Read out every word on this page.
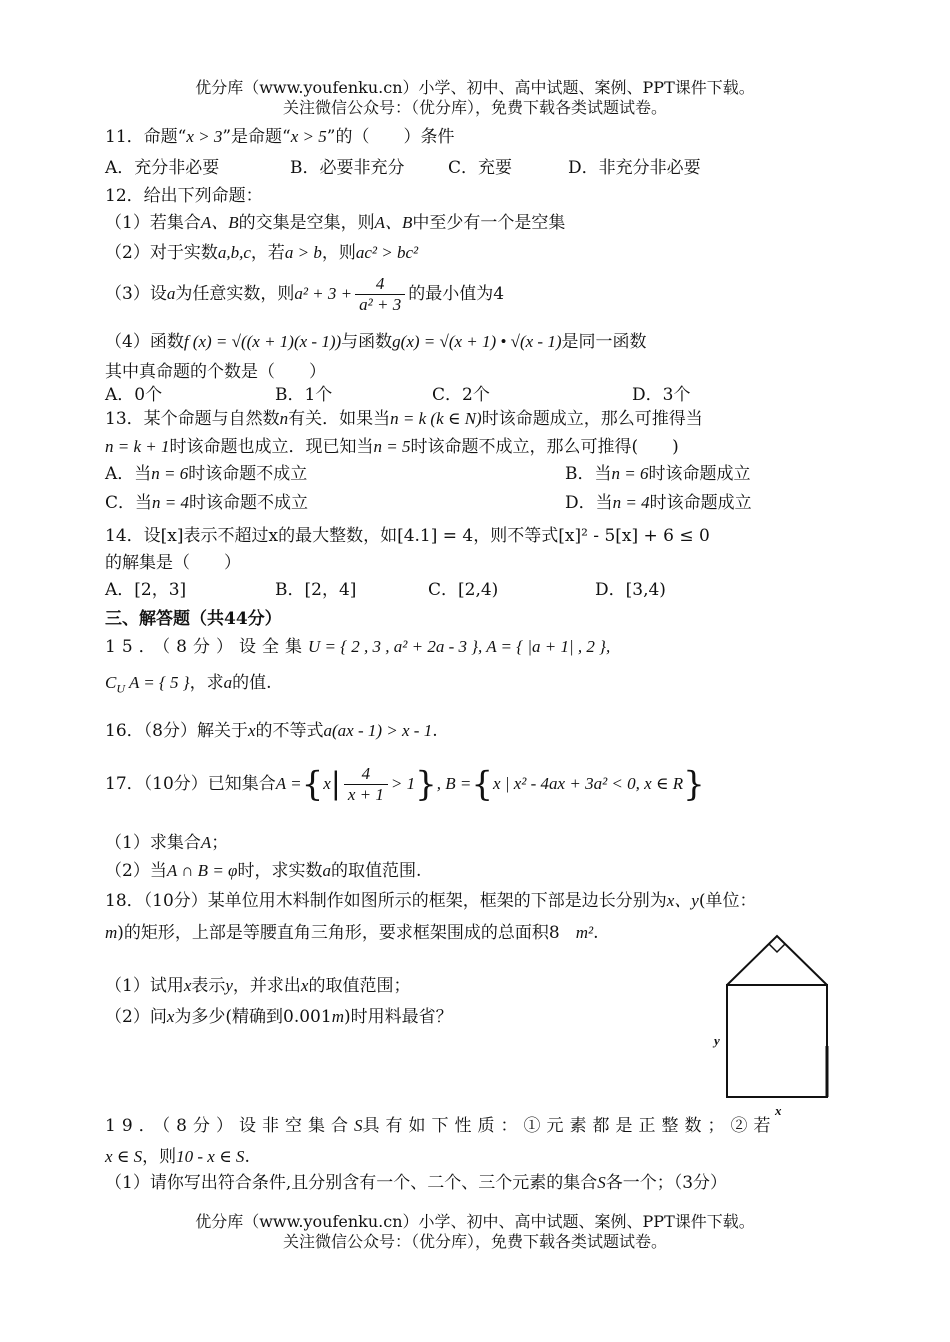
优分库（www.youfenku.cn）小学、初中、高中试题、案例、PPT课件下载。
关注微信公众号：（优分库），免费下载各类试题试卷。
11．命题“x > 3”是命题“x > 5”的（　　）条件
A．充分非必要	B．必要非充分	C．充要	D．非充分非必要
12．给出下列命题：
（1）若集合A、B的交集是空集，则A、B中至少有一个是空集
（2）对于实数a,b,c，若a > b，则ac² > bc²
（3）设a为任意实数，则$a^2 + 3 + \frac{4}{\text{a² + 3}}$ 的最小值为4
（4）函数f (x) = √((x + 1)(x - 1))与函数g(x) = √(x + 1) • √(x - 1)是同一函数
其中真命题的个数是（　　）
A．0个	B．1个	C．2个	D．3个
13．某个命题与自然数n有关．如果当n = k (k ∈ N)时该命题成立，那么可推得当
n = k + 1时该命题也成立．现已知当n = 5时该命题不成立，那么可推得(　　)
A．当n = 6时该命题不成立	B．当n = 6时该命题成立
C．当n = 4时该命题不成立	D．当n = 4时该命题成立
14．设[x]表示不超过x的最大整数，如[4.1] = 4，则不等式[x]² - 5[x] + 6 ≤ 0
的解集是（　　）
A．[2，3]	B．[2，4]	C．[2,4)	D．[3,4)
三、解答题（共44分）
15．（8分）设全集U = { 2 , 3 , a² + 2a - 3 }, A = { |a + 1| , 2 },
$C_U$ A = { 5 }，求a的值.
16．（8分）解关于x的不等式a(ax - 1) > x - 1.
17．（10分）已知集合$A =\{x| \frac{4}{x + 1} > 1\}$, B ={x | x² - 4ax + 3a² < 0, x ∈ R}
（1）求集合A；
（2）当A ∩ B = φ时，求实数a的取值范围.
18．（10分）某单位用木料制作如图所示的框架，框架的下部是边长分别为x、y(单位：
m)的矩形，上部是等腰直角三角形，要求框架围成的总面积8 m².
（1）试用x表示y，并求出x的取值范围；
（2）问x为多少(精确到0.001m)时用料最省？
y
x
19．（8分）设非空集合S具有如下性质：①元素都是正整数；②若
x ∈ S，则10 - x ∈ S.
（1）请你写出符合条件,且分别含有一个、二个、三个元素的集合S各一个；（3分）
优分库（www.youfenku.cn）小学、初中、高中试题、案例、PPT课件下载。
关注微信公众号：（优分库），免费下载各类试题试卷。
